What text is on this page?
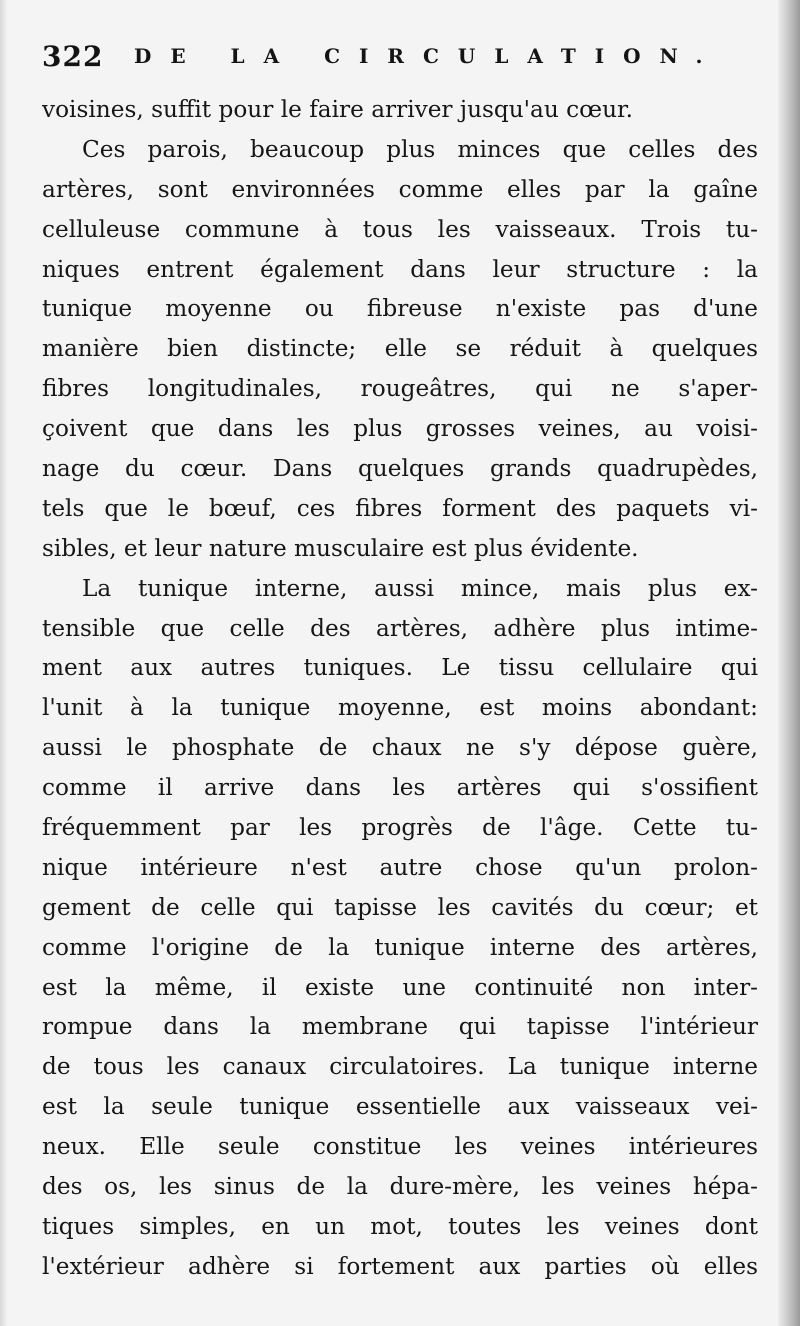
322 DE LA CIRCULATION.
voisines, suffit pour le faire arriver jusqu'au cœur.
Ces parois, beaucoup plus minces que celles des
artères, sont environnées comme elles par la gaîne
celluleuse commune à tous les vaisseaux. Trois tu-
niques entrent également dans leur structure : la
tunique moyenne ou fibreuse n'existe pas d'une
manière bien distincte; elle se réduit à quelques
fibres longitudinales, rougeâtres, qui ne s'aper-
çoivent que dans les plus grosses veines, au voisi-
nage du cœur. Dans quelques grands quadrupèdes,
tels que le bœuf, ces fibres forment des paquets vi-
sibles, et leur nature musculaire est plus évidente.
La tunique interne, aussi mince, mais plus ex-
tensible que celle des artères, adhère plus intime-
ment aux autres tuniques. Le tissu cellulaire qui
l'unit à la tunique moyenne, est moins abondant:
aussi le phosphate de chaux ne s'y dépose guère,
comme il arrive dans les artères qui s'ossifient
fréquemment par les progrès de l'âge. Cette tu-
nique intérieure n'est autre chose qu'un prolon-
gement de celle qui tapisse les cavités du cœur; et
comme l'origine de la tunique interne des artères,
est la même, il existe une continuité non inter-
rompue dans la membrane qui tapisse l'intérieur
de tous les canaux circulatoires. La tunique interne
est la seule tunique essentielle aux vaisseaux vei-
neux. Elle seule constitue les veines intérieures
des os, les sinus de la dure-mère, les veines hépa-
tiques simples, en un mot, toutes les veines dont
l'extérieur adhère si fortement aux parties où elles
